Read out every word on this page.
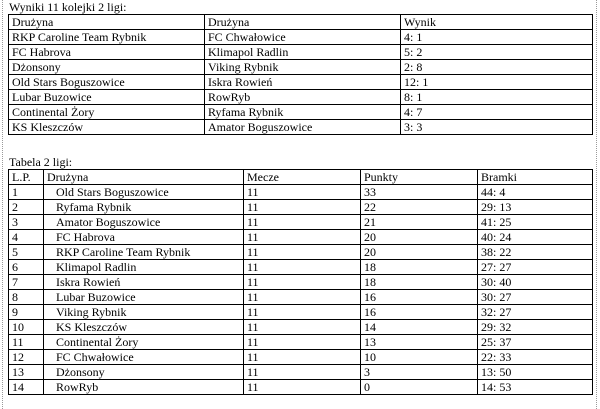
Wyniki 11 kolejki 2 ligi:
Drużyna	Drużyna	Wynik
RKP Caroline Team Rybnik	FC Chwałowice	4: 1
FC Habrova	Klimapol Radlin	5: 2
Dżonsony	Viking Rybnik	2: 8
Old Stars Boguszowice	Iskra Rowień	12: 1
Lubar Buzowice	RowRyb	8: 1
Continental Żory	Ryfama Rybnik	4: 7
KS Kleszczów	Amator Boguszowice	3: 3
Tabela 2 ligi:
L.P.	Drużyna	Mecze	Punkty	Bramki
1	Old Stars Boguszowice	11	33	44: 4
2	Ryfama Rybnik	11	22	29: 13
3	Amator Boguszowice	11	21	41: 25
4	FC Habrova	11	20	40: 24
5	RKP Caroline Team Rybnik	11	20	38: 22
6	Klimapol Radlin	11	18	27: 27
7	Iskra Rowień	11	18	30: 40
8	Lubar Buzowice	11	16	30: 27
9	Viking Rybnik	11	16	32: 27
10	KS Kleszczów	11	14	29: 32
11	Continental Żory	11	13	25: 37
12	FC Chwałowice	11	10	22: 33
13	Dżonsony	11	3	13: 50
14	RowRyb	11	0	14: 53
